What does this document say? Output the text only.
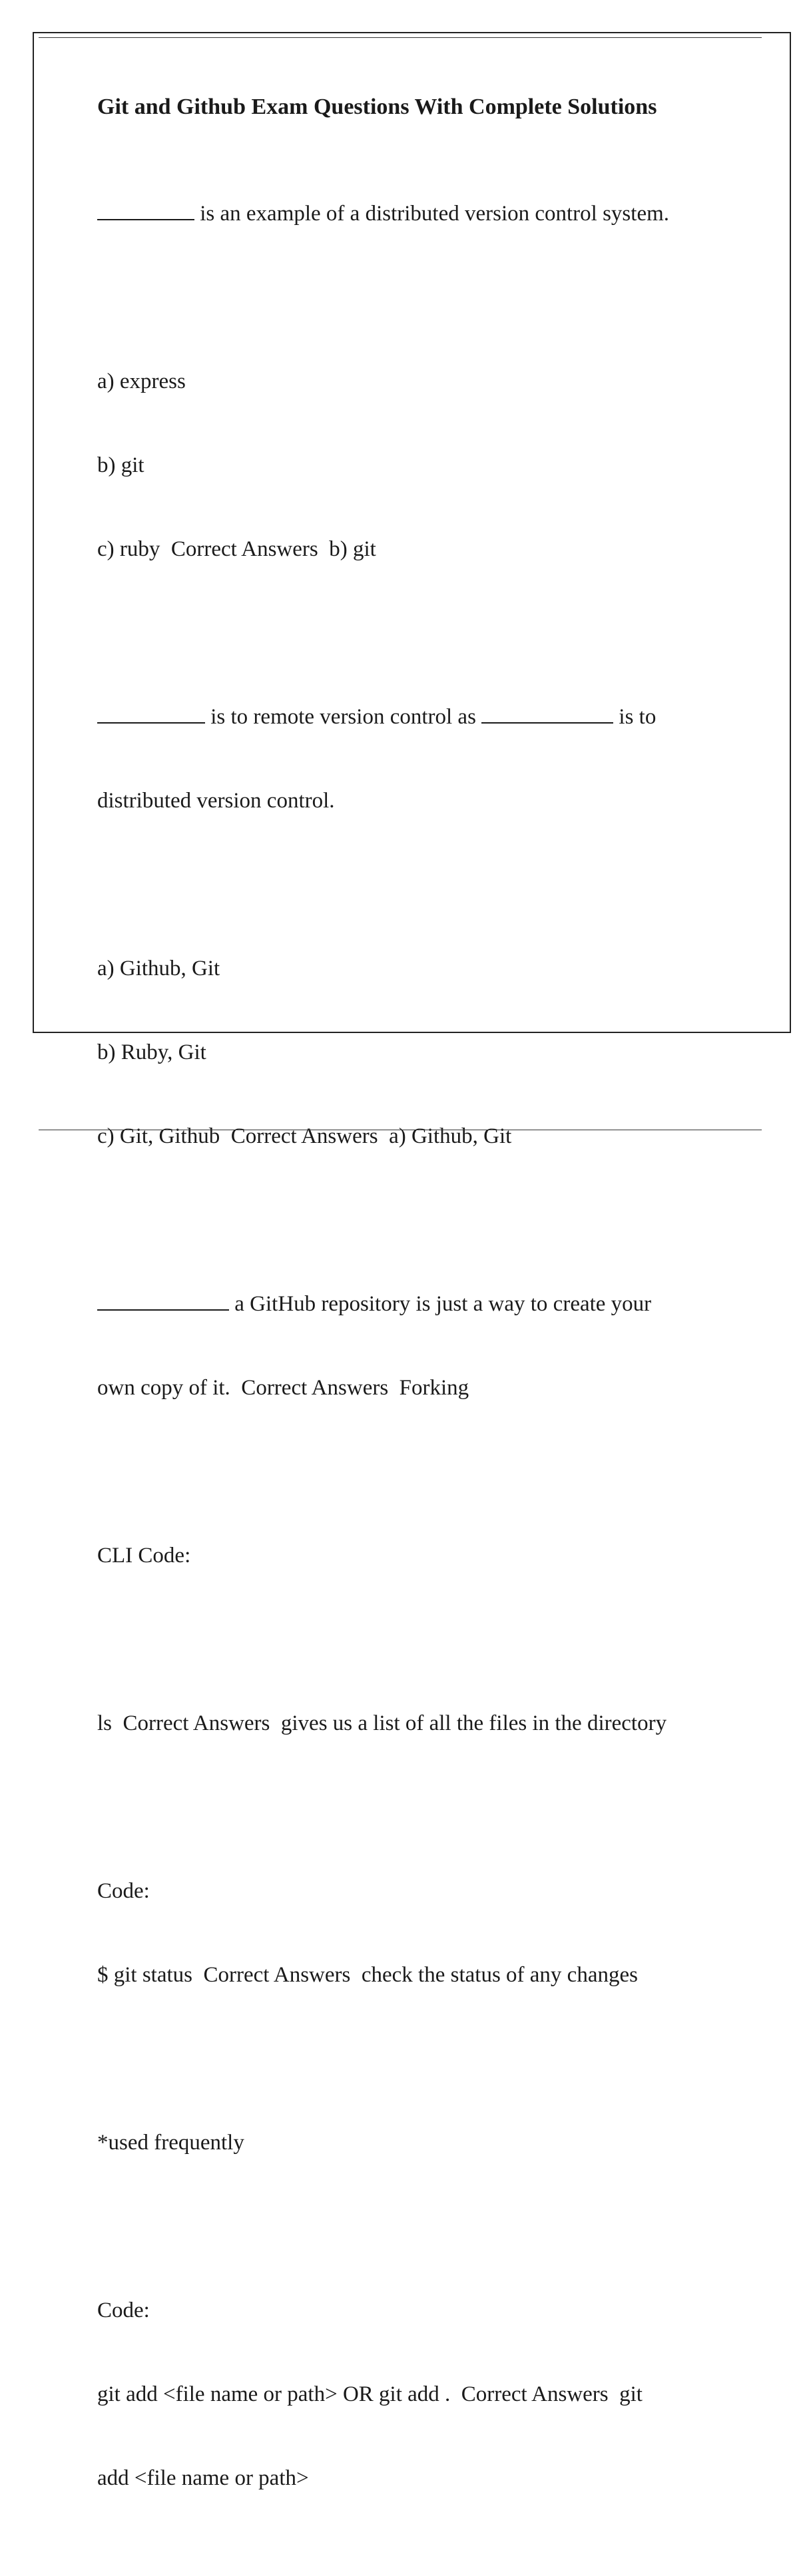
Git and Github Exam Questions With Complete Solutions

is an example of a distributed version control system.

a) express

b) git

c) ruby  Correct Answers  b) git

is to remote version control as	is to

distributed version control.

a) Github, Git

b) Ruby, Git

c) Git, Github  Correct Answers  a) Github, Git

a GitHub repository is just a way to create your

own copy of it.  Correct Answers  Forking

CLI Code:

ls  Correct Answers  gives us a list of all the files in the directory

Code:

$ git status  Correct Answers  check the status of any changes

*used frequently

Code:

git add <file name or path> OR git add .  Correct Answers  git

add <file name or path>
